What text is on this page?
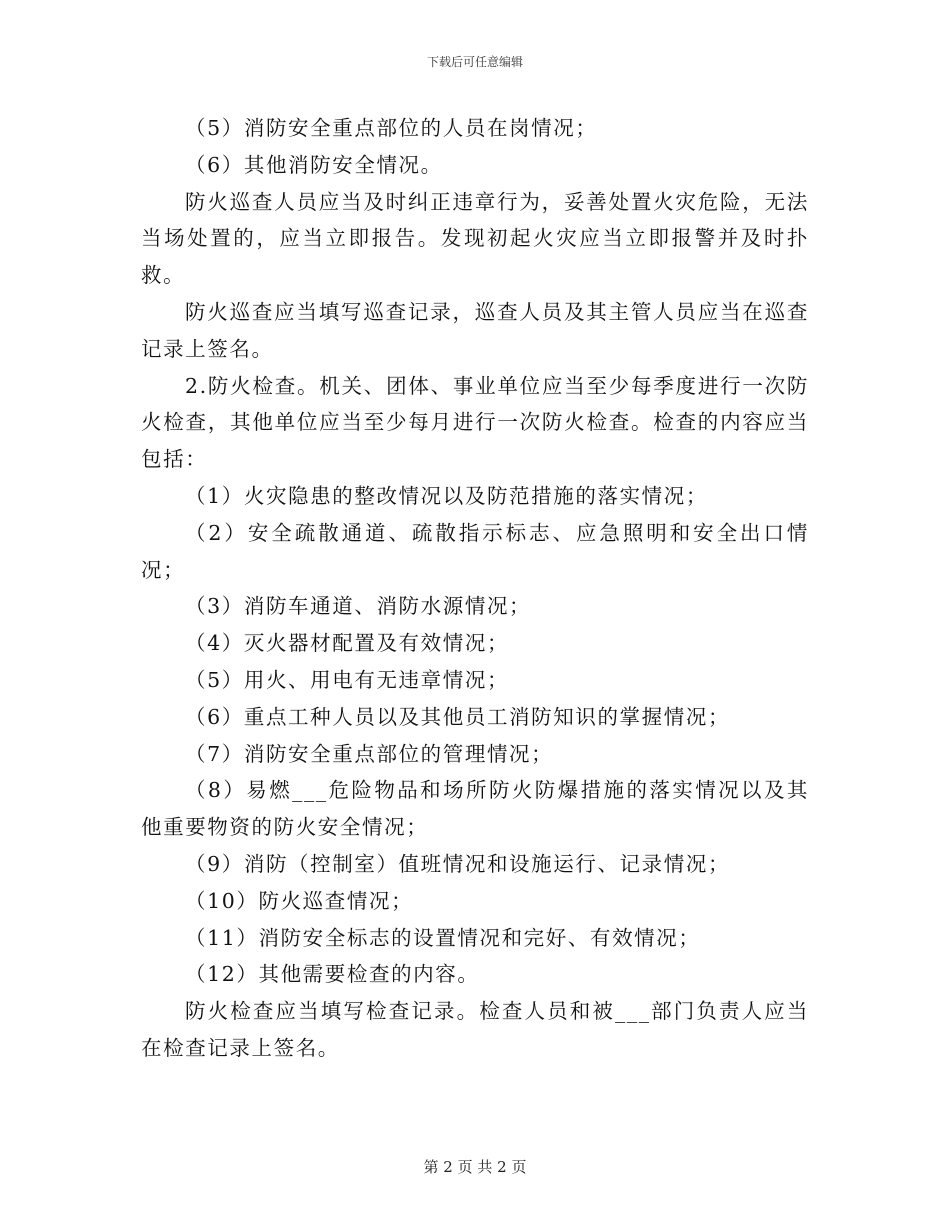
下载后可任意编辑

（5）消防安全重点部位的人员在岗情况；

（6）其他消防安全情况。

防火巡查人员应当及时纠正违章行为，妥善处置火灾危险，无法当场处置的，应当立即报告。发现初起火灾应当立即报警并及时扑救。

防火巡查应当填写巡查记录，巡查人员及其主管人员应当在巡查记录上签名。

2.防火检查。机关、团体、事业单位应当至少每季度进行一次防火检查，其他单位应当至少每月进行一次防火检查。检查的内容应当包括：

（1）火灾隐患的整改情况以及防范措施的落实情况；

（2）安全疏散通道、疏散指示标志、应急照明和安全出口情况；

（3）消防车通道、消防水源情况；

（4）灭火器材配置及有效情况；

（5）用火、用电有无违章情况；

（6）重点工种人员以及其他员工消防知识的掌握情况；

（7）消防安全重点部位的管理情况；

（8）易燃___危险物品和场所防火防爆措施的落实情况以及其他重要物资的防火安全情况；

（9）消防（控制室）值班情况和设施运行、记录情况；

（10）防火巡查情况；

（11）消防安全标志的设置情况和完好、有效情况；

（12）其他需要检查的内容。

防火检查应当填写检查记录。检查人员和被___部门负责人应当在检查记录上签名。

第 2 页 共 2 页
